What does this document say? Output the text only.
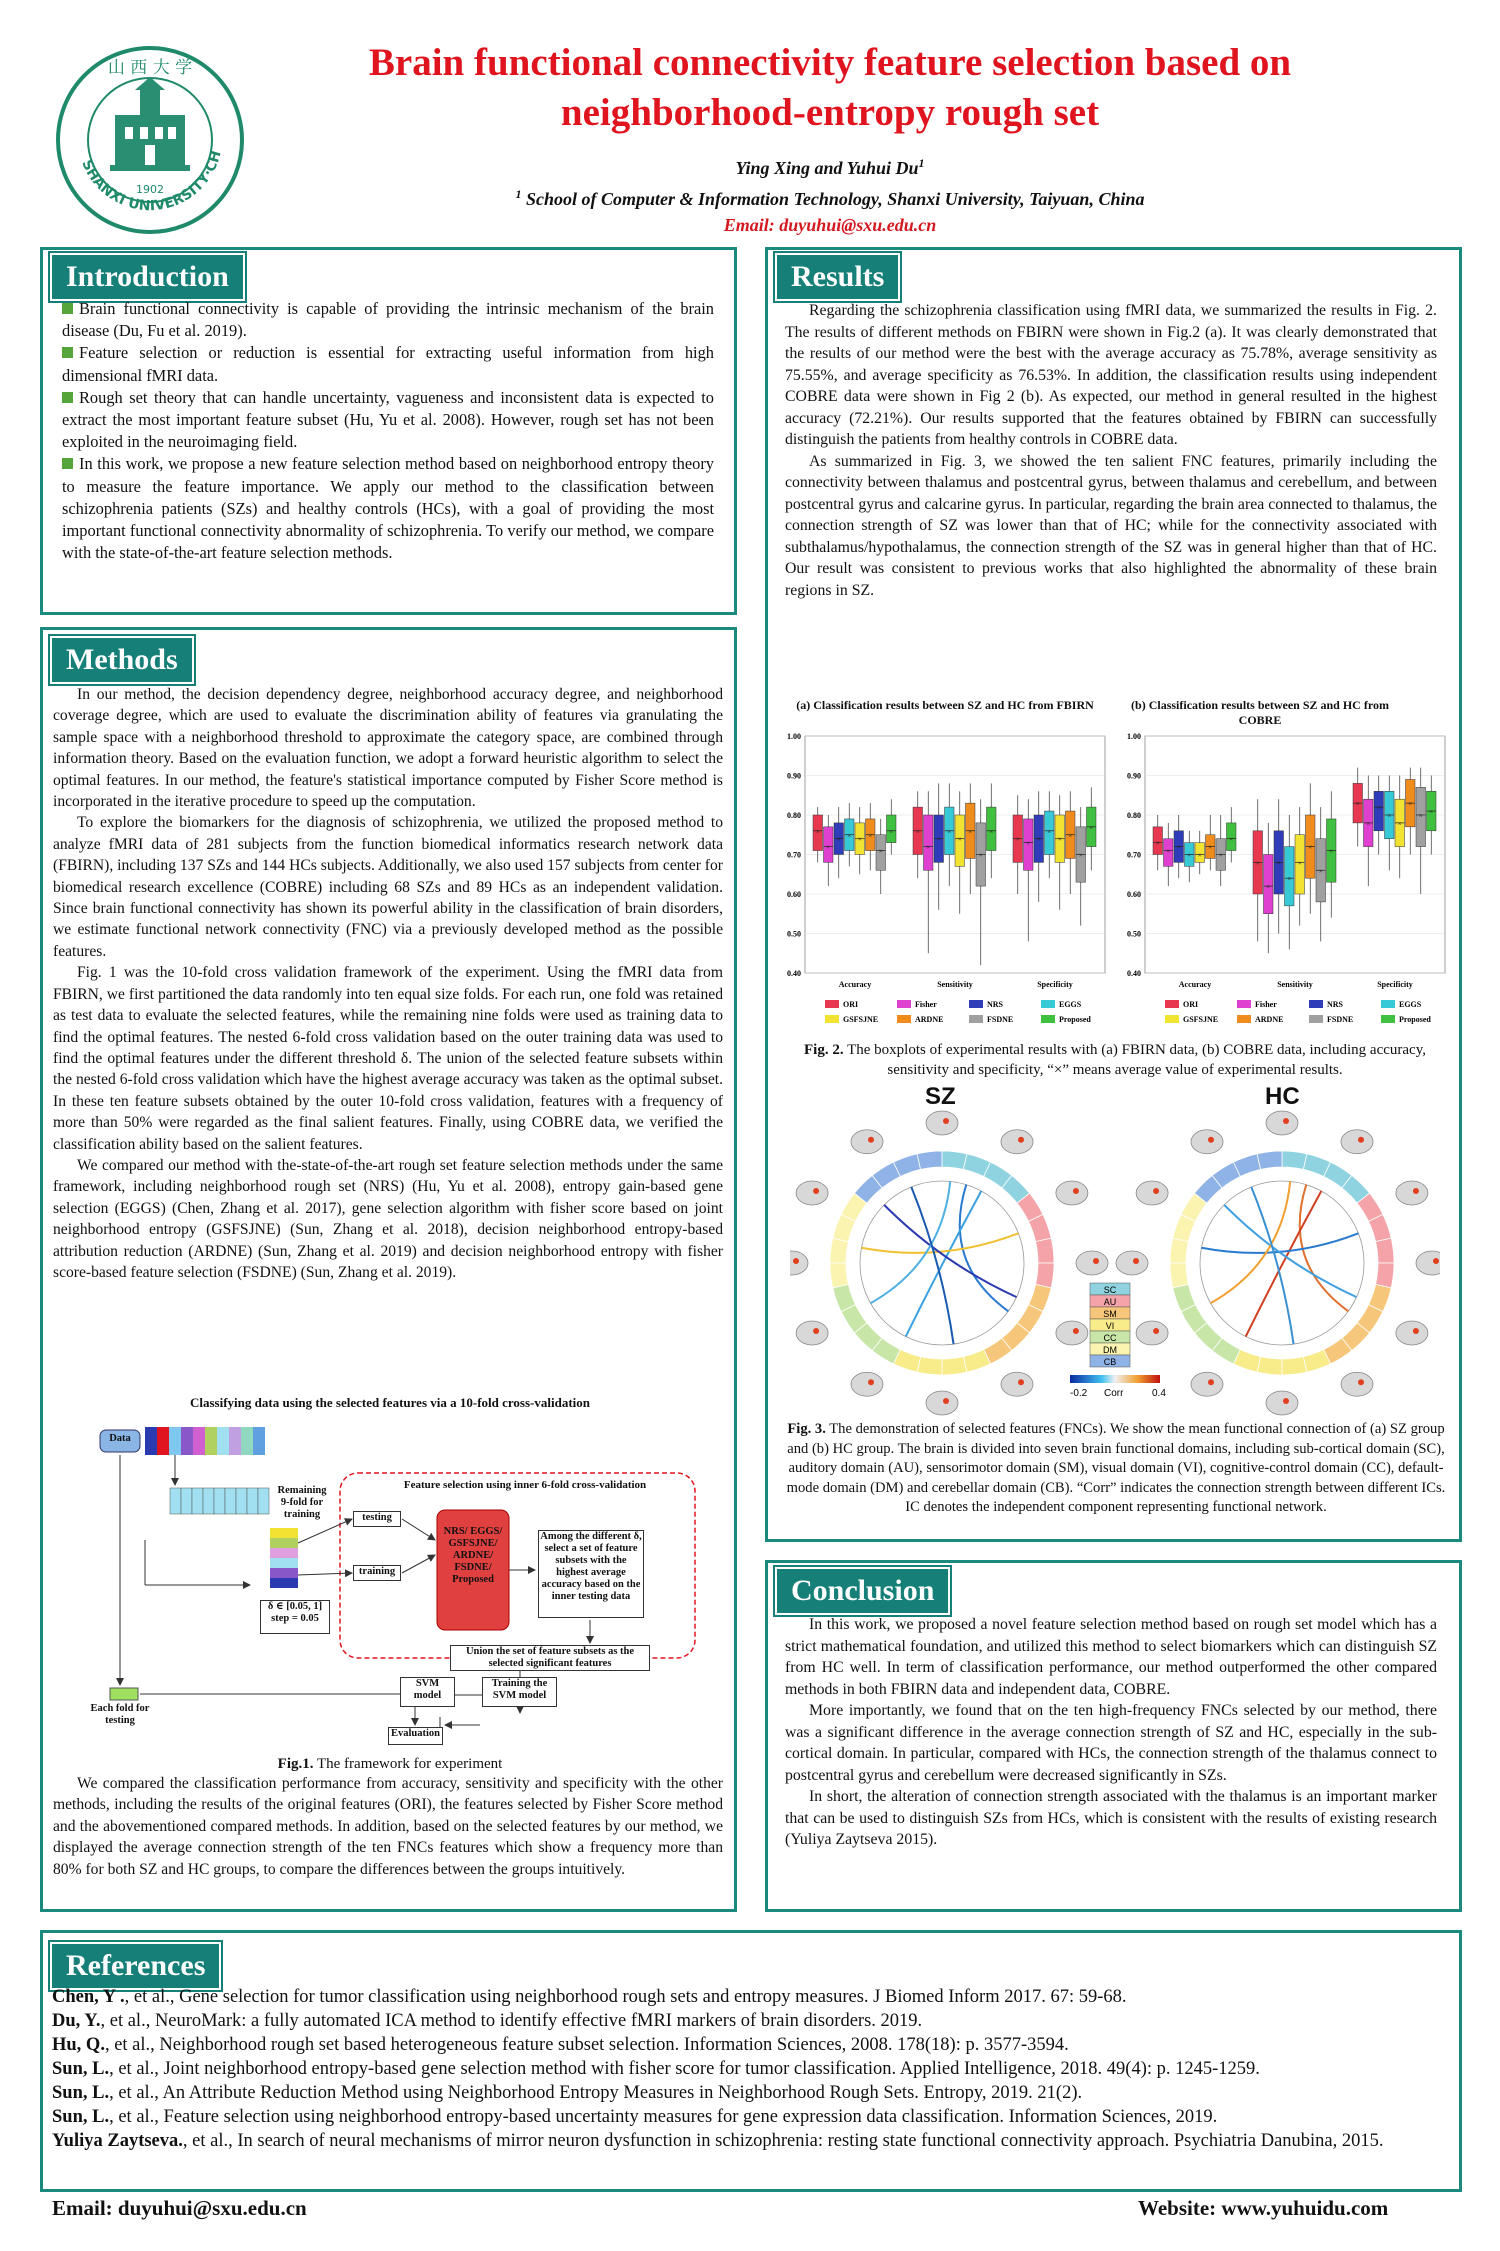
1902
山 西 大 学
SHANXI UNIVERSITY·CH
Brain functional connectivity feature selection based on
neighborhood-entropy rough set
Ying Xing and Yuhui Du$^1$
$^1$ School of Computer & Information Technology, Shanxi University, Taiyuan, China
Email: duyuhui@sxu.edu.cn
Introduction
Brain functional connectivity is capable of providing the intrinsic mechanism of the brain disease (Du, Fu et al. 2019).
Feature selection or reduction is essential for extracting useful information from high dimensional fMRI data.
Rough set theory that can handle uncertainty, vagueness and inconsistent data is expected to extract the most important feature subset (Hu, Yu et al. 2008). However, rough set has not been exploited in the neuroimaging field.
In this work, we propose a new feature selection method based on neighborhood entropy theory to measure the feature importance. We apply our method to the classification between schizophrenia patients (SZs) and healthy controls (HCs), with a goal of providing the most important functional connectivity abnormality of schizophrenia. To verify our method, we compare with the state-of-the-art feature selection methods.
Methods

In our method, the decision dependency degree, neighborhood accuracy degree, and neighborhood coverage degree, which are used to evaluate the discrimination ability of features via granulating the sample space with a neighborhood threshold to approximate the category space, are combined through information theory. Based on the evaluation function, we adopt a forward heuristic algorithm to select the optimal features. In our method, the feature's statistical importance computed by Fisher Score method is incorporated in the iterative procedure to speed up the computation.

To explore the biomarkers for the diagnosis of schizophrenia, we utilized the proposed method to analyze fMRI data of 281 subjects from the function biomedical informatics research network data (FBIRN), including 137 SZs and 144 HCs subjects. Additionally, we also used 157 subjects from center for biomedical research excellence (COBRE) including 68 SZs and 89 HCs as an independent validation. Since brain functional connectivity has shown its powerful ability in the classification of brain disorders, we estimate functional network connectivity (FNC) via a previously developed method as the possible features.

Fig. 1 was the 10-fold cross validation framework of the experiment. Using the fMRI data from FBIRN, we first partitioned the data randomly into ten equal size folds. For each run, one fold was retained as test data to evaluate the selected features, while the remaining nine folds were used as training data to find the optimal features. The nested 6-fold cross validation based on the outer training data was used to find the optimal features under the different threshold δ. The union of the selected feature subsets within the nested 6-fold cross validation which have the highest average accuracy was taken as the optimal subset. In these ten feature subsets obtained by the outer 10-fold cross validation, features with a frequency of more than 50% were regarded as the final salient features. Finally, using COBRE data, we verified the classification ability based on the salient features.

We compared our method with the-state-of-the-art rough set feature selection methods under the same framework, including neighborhood rough set (NRS) (Hu, Yu et al. 2008), entropy gain-based gene selection (EGGS) (Chen, Zhang et al. 2017), gene selection algorithm with fisher score based on joint neighborhood entropy (GSFSJNE) (Sun, Zhang et al. 2018), decision neighborhood entropy-based attribution reduction (ARDNE) (Sun, Zhang et al. 2019) and decision neighborhood entropy with fisher score-based feature selection (FSDNE) (Sun, Zhang et al. 2019).

Classifying data using the selected features via a 10-fold cross-validation
Data
Remaining 9-fold for training
Feature selection using inner 6-fold cross-validation
testing
training
δ ∈ [0.05, 1]
step = 0.05
NRS/ EGGS/ GSFSJNE/ ARDNE/ FSDNE/ Proposed
Among the different δ, select a set of feature subsets with the highest average accuracy based on the inner testing data
Union the set of feature subsets as the selected significant features
SVM model
Training the SVM model
Each fold for testing
Evaluation
Fig.1. The framework for experiment

We compared the classification performance from accuracy, sensitivity and specificity with the other methods, including the results of the original features (ORI), the features selected by Fisher Score method and the abovementioned compared methods. In addition, based on the selected features by our method, we displayed the average connection strength of the ten FNCs features which show a frequency more than 80% for both SZ and HC groups, to compare the differences between the groups intuitively.

Results

Regarding the schizophrenia classification using fMRI data, we summarized the results in Fig. 2. The results of different methods on FBIRN were shown in Fig.2 (a). It was clearly demonstrated that the results of our method were the best with the average accuracy as 75.78%, average sensitivity as 75.55%, and average specificity as 76.53%. In addition, the classification results using independent COBRE data were shown in Fig 2 (b). As expected, our method in general resulted in the highest accuracy (72.21%). Our results supported that the features obtained by FBIRN can successfully distinguish the patients from healthy controls in COBRE data.

As summarized in Fig. 3, we showed the ten salient FNC features, primarily including the connectivity between thalamus and postcentral gyrus, between thalamus and cerebellum, and between postcentral gyrus and calcarine gyrus. In particular, regarding the brain area connected to thalamus, the connection strength of SZ was lower than that of HC; while for the connectivity associated with subthalamus/hypothalamus, the connection strength of the SZ was in general higher than that of HC. Our result was consistent to previous works that also highlighted the abnormality of these brain regions in SZ.

(a) Classification results between SZ and HC from FBIRN	(b) Classification results between SZ and HC from COBRE
0.40
0.50
0.60
0.70
0.80
0.90
1.00
Accuracy
×
×
× × × ×
×
×
Sensitivity
×
×
×
×
×
×
×
×
Specificity
× × ×
×
× ×
×
×
ORI	Fisher	NRS	EGGS
GSFSJNE	ARDNE	FSDNE	Proposed
0.40
0.50
0.60
0.70
0.80
0.90
1.00
Accuracy
×
× ×
× ×
×
×
×
Sensitivity
×
×
×
×
×
×
×
×
Specificity
×
×
×
×
×
×
× ×
ORI	Fisher	NRS	EGGS
GSFSJNE	ARDNE	FSDNE	Proposed
Fig. 2. The boxplots of experimental results with (a) FBIRN data, (b) COBRE data, including accuracy, sensitivity and specificity, “×” means average value of experimental results.
SC
AU
SM
VI
CC
DM
CB
-0.2 Corr	0.4
SZ	HC
Fig. 3. The demonstration of selected features (FNCs). We show the mean functional connection of (a) SZ group and (b) HC group. The brain is divided into seven brain functional domains, including sub-cortical domain (SC), auditory domain (AU), sensorimotor domain (SM), visual domain (VI), cognitive-control domain (CC), default-mode domain (DM) and cerebellar domain (CB). “Corr” indicates the connection strength between different ICs. IC denotes the independent component representing functional network.
Conclusion

In this work, we proposed a novel feature selection method based on rough set model which has a strict mathematical foundation, and utilized this method to select biomarkers which can distinguish SZ from HC well. In term of classification performance, our method outperformed the other compared methods in both FBIRN data and independent data, COBRE.

More importantly, we found that on the ten high-frequency FNCs selected by our method, there was a significant difference in the average connection strength of SZ and HC, especially in the sub-cortical domain. In particular, compared with HCs, the connection strength of the thalamus connect to postcentral gyrus and cerebellum were decreased significantly in SZs.

In short, the alteration of connection strength associated with the thalamus is an important marker that can be used to distinguish SZs from HCs, which is consistent with the results of existing research (Yuliya Zaytseva 2015).

References
Chen, Y ., et al., Gene selection for tumor classification using neighborhood rough sets and entropy measures. J Biomed Inform 2017. 67: 59-68.
Du, Y., et al., NeuroMark: a fully automated ICA method to identify effective fMRI markers of brain disorders. 2019.
Hu, Q., et al., Neighborhood rough set based heterogeneous feature subset selection. Information Sciences, 2008. 178(18): p. 3577-3594.
Sun, L., et al., Joint neighborhood entropy-based gene selection method with fisher score for tumor classification. Applied Intelligence, 2018. 49(4): p. 1245-1259.
Sun, L., et al., An Attribute Reduction Method using Neighborhood Entropy Measures in Neighborhood Rough Sets. Entropy, 2019. 21(2).
Sun, L., et al., Feature selection using neighborhood entropy-based uncertainty measures for gene expression data classification. Information Sciences, 2019.
Yuliya Zaytseva., et al., In search of neural mechanisms of mirror neuron dysfunction in schizophrenia: resting state functional connectivity approach. Psychiatria Danubina, 2015.
Email: duyuhui@sxu.edu.cn	Website: www.yuhuidu.com
